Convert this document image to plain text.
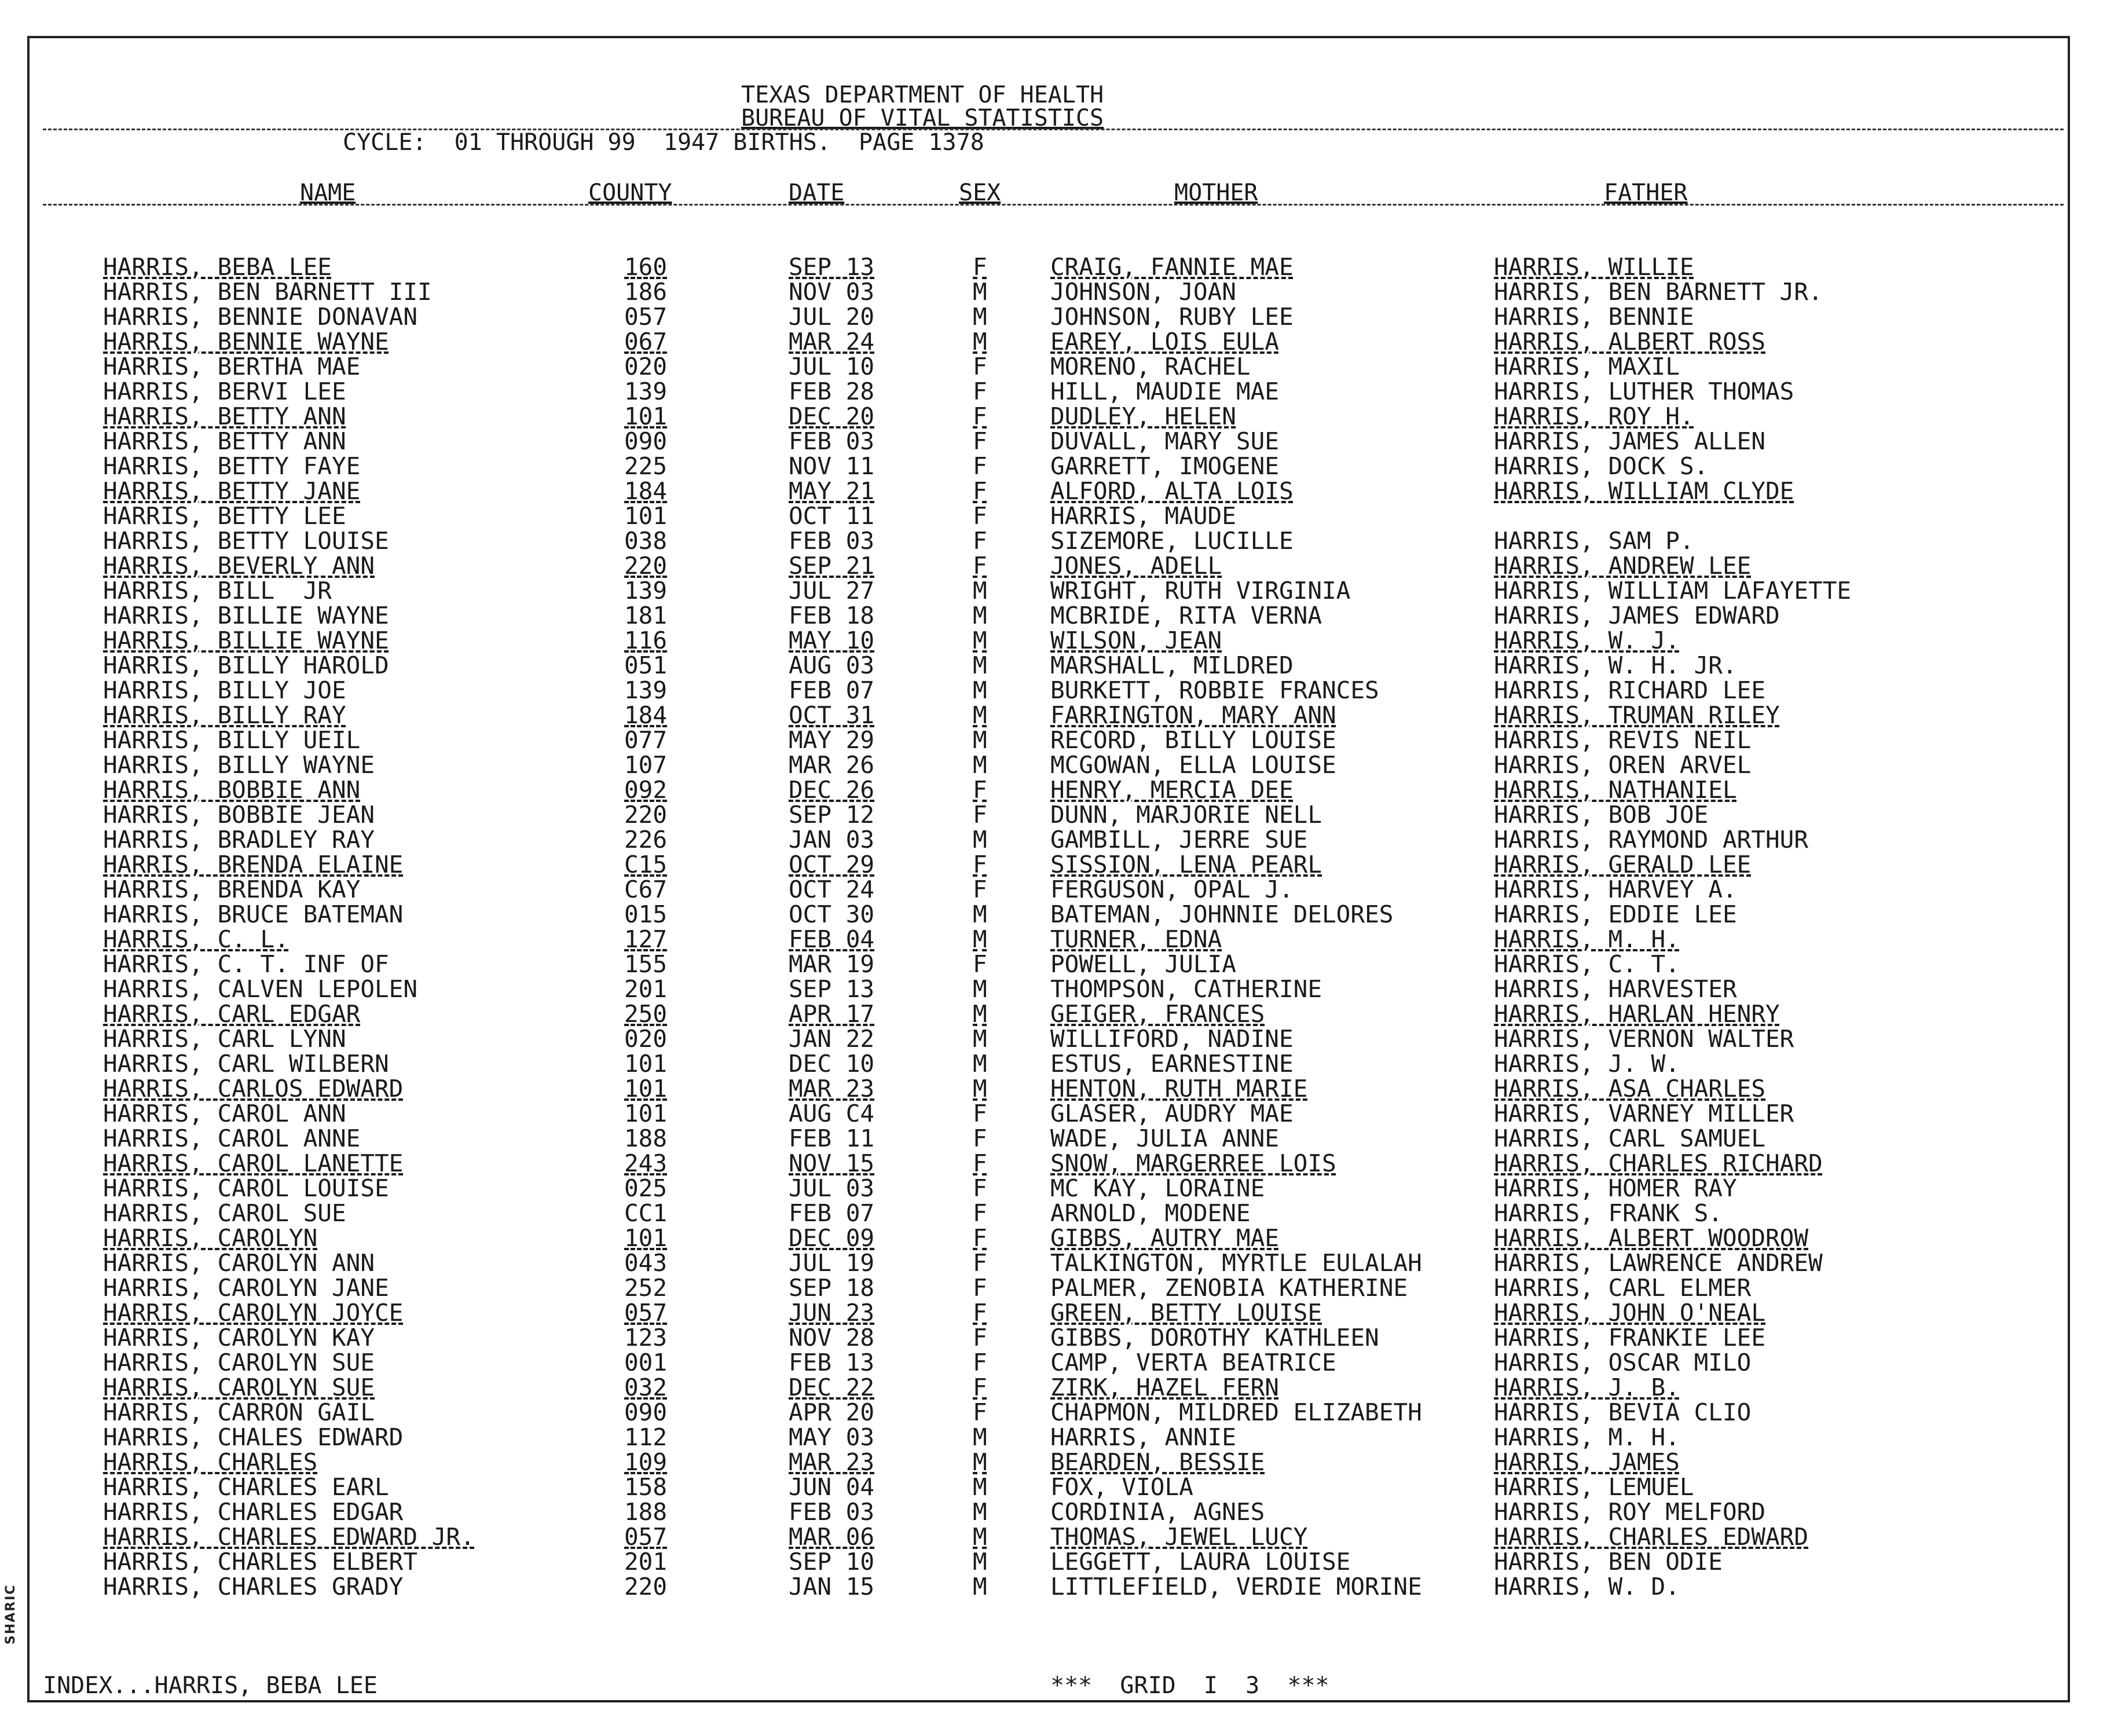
SHARIC
TEXAS DEPARTMENT OF HEALTH
BUREAU OF VITAL STATISTICS
CYCLE:  01 THROUGH 99  1947 BIRTHS.  PAGE 1378
NAME	COUNTY	DATE	SEX	MOTHER	FATHER
HARRIS, BEBA LEE	160	SEP 13	F	CRAIG, FANNIE MAE	HARRIS, WILLIE
HARRIS, BEN BARNETT III	186	NOV 03	M	JOHNSON, JOAN	HARRIS, BEN BARNETT JR.
HARRIS, BENNIE DONAVAN	057	JUL 20	M	JOHNSON, RUBY LEE	HARRIS, BENNIE
HARRIS, BENNIE WAYNE	067	MAR 24	M	EAREY, LOIS EULA	HARRIS, ALBERT ROSS
HARRIS, BERTHA MAE	020	JUL 10	F	MORENO, RACHEL	HARRIS, MAXIL
HARRIS, BERVI LEE	139	FEB 28	F	HILL, MAUDIE MAE	HARRIS, LUTHER THOMAS
HARRIS, BETTY ANN	101	DEC 20	F	DUDLEY, HELEN	HARRIS, ROY H.
HARRIS, BETTY ANN	090	FEB 03	F	DUVALL, MARY SUE	HARRIS, JAMES ALLEN
HARRIS, BETTY FAYE	225	NOV 11	F	GARRETT, IMOGENE	HARRIS, DOCK S.
HARRIS, BETTY JANE	184	MAY 21	F	ALFORD, ALTA LOIS	HARRIS, WILLIAM CLYDE
HARRIS, BETTY LEE	101	OCT 11	F	HARRIS, MAUDE
HARRIS, BETTY LOUISE	038	FEB 03	F	SIZEMORE, LUCILLE	HARRIS, SAM P.
HARRIS, BEVERLY ANN	220	SEP 21	F	JONES, ADELL	HARRIS, ANDREW LEE
HARRIS, BILL  JR	139	JUL 27	M	WRIGHT, RUTH VIRGINIA	HARRIS, WILLIAM LAFAYETTE
HARRIS, BILLIE WAYNE	181	FEB 18	M	MCBRIDE, RITA VERNA	HARRIS, JAMES EDWARD
HARRIS, BILLIE WAYNE	116	MAY 10	M	WILSON, JEAN	HARRIS, W. J.
HARRIS, BILLY HAROLD	051	AUG 03	M	MARSHALL, MILDRED	HARRIS, W. H. JR.
HARRIS, BILLY JOE	139	FEB 07	M	BURKETT, ROBBIE FRANCES	HARRIS, RICHARD LEE
HARRIS, BILLY RAY	184	OCT 31	M	FARRINGTON, MARY ANN	HARRIS, TRUMAN RILEY
HARRIS, BILLY UEIL	077	MAY 29	M	RECORD, BILLY LOUISE	HARRIS, REVIS NEIL
HARRIS, BILLY WAYNE	107	MAR 26	M	MCGOWAN, ELLA LOUISE	HARRIS, OREN ARVEL
HARRIS, BOBBIE ANN	092	DEC 26	F	HENRY, MERCIA DEE	HARRIS, NATHANIEL
HARRIS, BOBBIE JEAN	220	SEP 12	F	DUNN, MARJORIE NELL	HARRIS, BOB JOE
HARRIS, BRADLEY RAY	226	JAN 03	M	GAMBILL, JERRE SUE	HARRIS, RAYMOND ARTHUR
HARRIS, BRENDA ELAINE	C15	OCT 29	F	SISSION, LENA PEARL	HARRIS, GERALD LEE
HARRIS, BRENDA KAY	C67	OCT 24	F	FERGUSON, OPAL J.	HARRIS, HARVEY A.
HARRIS, BRUCE BATEMAN	015	OCT 30	M	BATEMAN, JOHNNIE DELORES	HARRIS, EDDIE LEE
HARRIS, C. L.	127	FEB 04	M	TURNER, EDNA	HARRIS, M. H.
HARRIS, C. T. INF OF	155	MAR 19	F	POWELL, JULIA	HARRIS, C. T.
HARRIS, CALVEN LEPOLEN	201	SEP 13	M	THOMPSON, CATHERINE	HARRIS, HARVESTER
HARRIS, CARL EDGAR	250	APR 17	M	GEIGER, FRANCES	HARRIS, HARLAN HENRY
HARRIS, CARL LYNN	020	JAN 22	M	WILLIFORD, NADINE	HARRIS, VERNON WALTER
HARRIS, CARL WILBERN	101	DEC 10	M	ESTUS, EARNESTINE	HARRIS, J. W.
HARRIS, CARLOS EDWARD	101	MAR 23	M	HENTON, RUTH MARIE	HARRIS, ASA CHARLES
HARRIS, CAROL ANN	101	AUG C4	F	GLASER, AUDRY MAE	HARRIS, VARNEY MILLER
HARRIS, CAROL ANNE	188	FEB 11	F	WADE, JULIA ANNE	HARRIS, CARL SAMUEL
HARRIS, CAROL LANETTE	243	NOV 15	F	SNOW, MARGERREE LOIS	HARRIS, CHARLES RICHARD
HARRIS, CAROL LOUISE	025	JUL 03	F	MC KAY, LORAINE	HARRIS, HOMER RAY
HARRIS, CAROL SUE	CC1	FEB 07	F	ARNOLD, MODENE	HARRIS, FRANK S.
HARRIS, CAROLYN	101	DEC 09	F	GIBBS, AUTRY MAE	HARRIS, ALBERT WOODROW
HARRIS, CAROLYN ANN	043	JUL 19	F	TALKINGTON, MYRTLE EULALAH	HARRIS, LAWRENCE ANDREW
HARRIS, CAROLYN JANE	252	SEP 18	F	PALMER, ZENOBIA KATHERINE	HARRIS, CARL ELMER
HARRIS, CAROLYN JOYCE	057	JUN 23	F	GREEN, BETTY LOUISE	HARRIS, JOHN O'NEAL
HARRIS, CAROLYN KAY	123	NOV 28	F	GIBBS, DOROTHY KATHLEEN	HARRIS, FRANKIE LEE
HARRIS, CAROLYN SUE	001	FEB 13	F	CAMP, VERTA BEATRICE	HARRIS, OSCAR MILO
HARRIS, CAROLYN SUE	032	DEC 22	F	ZIRK, HAZEL FERN	HARRIS, J. B.
HARRIS, CARRON GAIL	090	APR 20	F	CHAPMON, MILDRED ELIZABETH	HARRIS, BEVIA CLIO
HARRIS, CHALES EDWARD	112	MAY 03	M	HARRIS, ANNIE	HARRIS, M. H.
HARRIS, CHARLES	109	MAR 23	M	BEARDEN, BESSIE	HARRIS, JAMES
HARRIS, CHARLES EARL	158	JUN 04	M	FOX, VIOLA	HARRIS, LEMUEL
HARRIS, CHARLES EDGAR	188	FEB 03	M	CORDINIA, AGNES	HARRIS, ROY MELFORD
HARRIS, CHARLES EDWARD JR.	057	MAR 06	M	THOMAS, JEWEL LUCY	HARRIS, CHARLES EDWARD
HARRIS, CHARLES ELBERT	201	SEP 10	M	LEGGETT, LAURA LOUISE	HARRIS, BEN ODIE
HARRIS, CHARLES GRADY	220	JAN 15	M	LITTLEFIELD, VERDIE MORINE	HARRIS, W. D.
INDEX...HARRIS, BEBA LEE	***  GRID  I  3  ***
